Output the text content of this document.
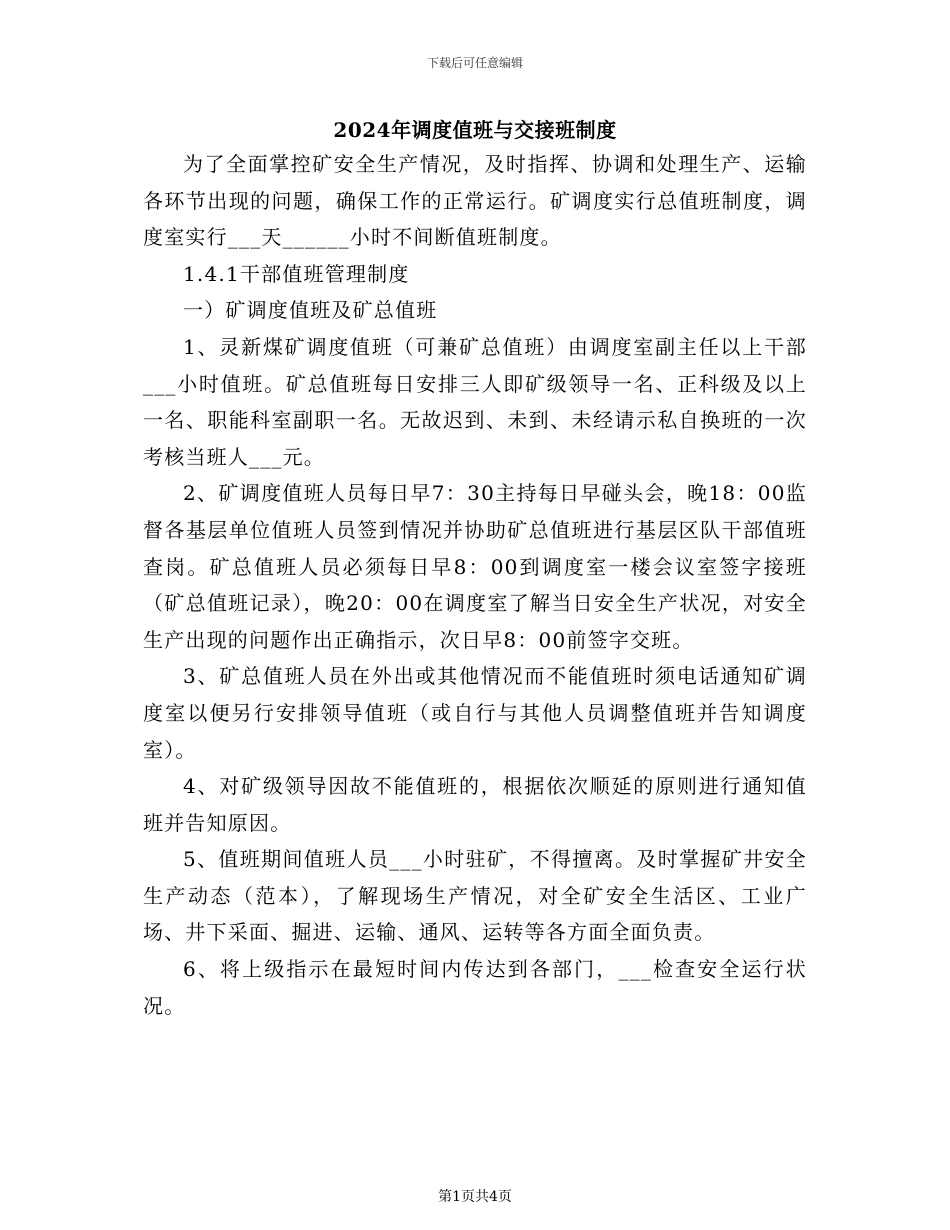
下载后可任意编辑
2024年调度值班与交接班制度

为了全面掌控矿安全生产情况，及时指挥、协调和处理生产、运输各环节出现的问题，确保工作的正常运行。矿调度实行总值班制度，调度室实行___天______小时不间断值班制度。

1.4.1干部值班管理制度

一）矿调度值班及矿总值班

1、灵新煤矿调度值班（可兼矿总值班）由调度室副主任以上干部___小时值班。矿总值班每日安排三人即矿级领导一名、正科级及以上一名、职能科室副职一名。无故迟到、未到、未经请示私自换班的一次考核当班人___元。

2、矿调度值班人员每日早7：30主持每日早碰头会，晚18：00监督各基层单位值班人员签到情况并协助矿总值班进行基层区队干部值班查岗。矿总值班人员必须每日早8：00到调度室一楼会议室签字接班（矿总值班记录），晚20：00在调度室了解当日安全生产状况，对安全生产出现的问题作出正确指示，次日早8：00前签字交班。

3、矿总值班人员在外出或其他情况而不能值班时须电话通知矿调度室以便另行安排领导值班（或自行与其他人员调整值班并告知调度室）。

4、对矿级领导因故不能值班的，根据依次顺延的原则进行通知值班并告知原因。

5、值班期间值班人员___小时驻矿，不得擅离。及时掌握矿井安全生产动态（范本），了解现场生产情况，对全矿安全生活区、工业广场、井下采面、掘进、运输、通风、运转等各方面全面负责。

6、将上级指示在最短时间内传达到各部门，___检查安全运行状况。

第1页共4页
